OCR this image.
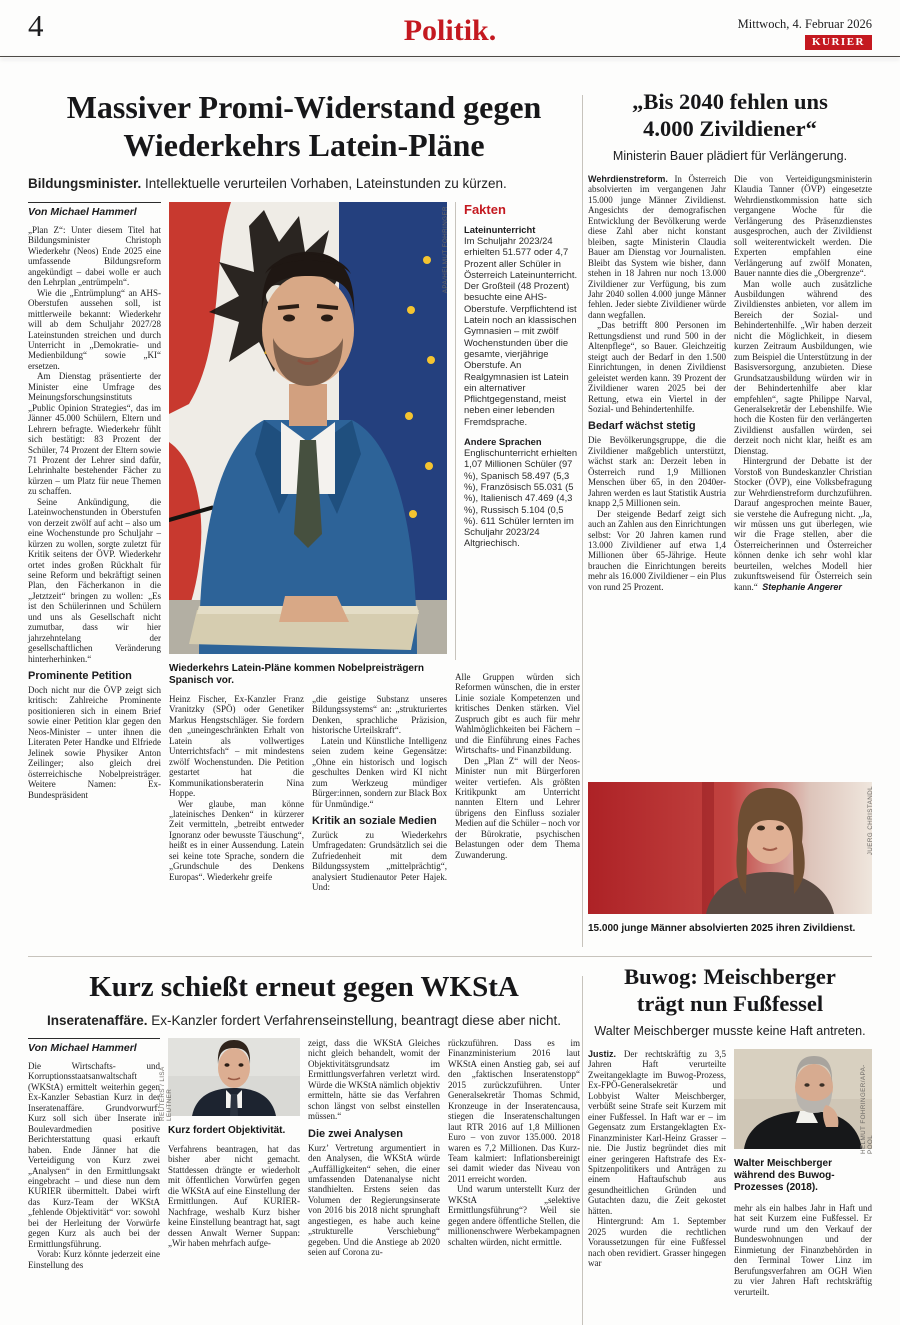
4	Politik.	Mittwoch, 4. Februar 2026
KURIER
Massiver Promi-Widerstand gegen Wiederkehrs Latein-Pläne
Bildungsminister. Intellektuelle verurteilen Vorhaben, Lateinstunden zu kürzen.
Von Michael Hammerl

„Plan Z“: Unter diesem Titel hat Bildungsminister Christoph Wiederkehr (Neos) Ende 2025 eine umfassende Bildungsreform angekündigt – dabei wolle er auch den Lehrplan „entrümpeln“.

Wie die „Entrümplung“ an AHS-Oberstufen aussehen soll, ist mittlerweile bekannt: Wiederkehr will ab dem Schuljahr 2027/28 Lateinstunden streichen und durch Unterricht in „Demokratie- und Medienbildung“ sowie „KI“ ersetzen.

Am Dienstag präsentierte der Minister eine Umfrage des Meinungsforschungsinstituts „Public Opinion Strategies“, das im Jänner 45.000 Schülern, Eltern und Lehrern befragte. Wiederkehr fühlt sich bestätigt: 83 Prozent der Schüler, 74 Prozent der Eltern sowie 71 Prozent der Lehrer sind dafür, Lehrinhalte bestehender Fächer zu kürzen – um Platz für neue Themen zu schaffen.

Seine Ankündigung, die Lateinwochenstunden in Oberstufen von derzeit zwölf auf acht – also um eine Wochenstunde pro Schuljahr – kürzen zu wollen, sorgte zuletzt für Kritik seitens der ÖVP. Wiederkehr ortet indes großen Rückhalt für seine Reform und bekräftigt seinen Plan, den Fächerkanon in die „Jetztzeit“ bringen zu wollen: „Es ist den Schülerinnen und Schülern und uns als Gesellschaft nicht zumutbar, dass wir hier jahrzehntelang der gesellschaftlichen Veränderung hinterherhinken.“

Prominente Petition

Doch nicht nur die ÖVP zeigt sich kritisch: Zahlreiche Prominente positionieren sich in einem Brief sowie einer Petition klar gegen den Neos-Minister – unter ihnen die Literaten Peter Handke und Elfriede Jelinek sowie Physiker Anton Zeilinger; also gleich drei österreichische Nobelpreisträger. Weitere Namen: Ex-Bundespräsident

APA/HELMUT FOHRINGER
Wiederkehrs Latein-Pläne kommen Nobelpreisträgern Spanisch vor.

Heinz Fischer, Ex-Kanzler Franz Vranitzky (SPÖ) oder Genetiker Markus Hengstschläger. Sie fordern den „uneingeschränkten Erhalt von Latein als vollwertiges Unterrichtsfach“ – mit mindestens zwölf Wochenstunden. Die Petition gestartet hat die Kommunikationsberaterin Nina Hoppe.

Wer glaube, man könne „lateinisches Denken“ in kürzerer Zeit vermitteln, „betreibt entweder Ignoranz oder bewusste Täuschung“, heißt es in einer Aussendung. Latein sei keine tote Sprache, sondern die „Grundschule des Denkens Europas“. Wiederkehr greife

„die geistige Substanz unseres Bildungssystems“ an: „strukturiertes Denken, sprachliche Präzision, historische Urteilskraft“.

Latein und Künstliche Intelligenz seien zudem keine Gegensätze: „Ohne ein historisch und logisch geschultes Denken wird KI nicht zum Werkzeug mündiger Bürger:innen, sondern zur Black Box für Unmündige.“

Kritik an soziale Medien

Zurück zu Wiederkehrs Umfragedaten: Grundsätzlich sei die Zufriedenheit mit dem Bildungssystem „mittelprächtig“, analysiert Studienautor Peter Hajek. Und:

Fakten
Lateinunterricht

Im Schuljahr 2023/24 erhielten 51.577 oder 4,7 Prozent aller Schüler in Österreich Lateinunterricht. Der Großteil (48 Prozent) besuchte eine AHS-Oberstufe. Verpflichtend ist Latein noch an klassischen Gymnasien – mit zwölf Wochenstunden über die gesamte, vierjährige Oberstufe. An Realgymnasien ist Latein ein alternativer Pflichtgegenstand, meist neben einer lebenden Fremdsprache.

Andere Sprachen

Englischunterricht erhielten 1,07 Millionen Schüler (97 %), Spanisch 58.497 (5,3 %), Französisch 55.031 (5 %), Italienisch 47.469 (4,3 %), Russisch 5.104 (0,5 %). 611 Schüler lernten im Schuljahr 2023/24 Altgriechisch.

Alle Gruppen würden sich Reformen wünschen, die in erster Linie soziale Kompetenzen und kritisches Denken stärken. Viel Zuspruch gibt es auch für mehr Wahlmöglichkeiten bei Fächern – und die Einführung eines Faches Wirtschafts- und Finanzbildung.

Den „Plan Z“ will der Neos-Minister nun mit Bürgerforen weiter vertiefen. Als größten Kritikpunkt am Unterricht nannten Eltern und Lehrer übrigens den Einfluss sozialer Medien auf die Schüler – noch vor der Bürokratie, psychischen Belastungen oder dem Thema Zuwanderung.

„Bis 2040 fehlen uns 4.000 Zivildiener“
Ministerin Bauer plädiert für Verlängerung.

Wehrdienstreform. In Österreich absolvierten im vergangenen Jahr 15.000 junge Männer Zivildienst. Angesichts der demografischen Entwicklung der Bevölkerung werde diese Zahl aber nicht konstant bleiben, sagte Ministerin Claudia Bauer am Dienstag vor Journalisten. Bleibt das System wie bisher, dann stehen in 18 Jahren nur noch 13.000 Zivildiener zur Verfügung, bis zum Jahr 2040 sollen 4.000 junge Männer fehlen. Jeder siebte Zivildiener würde dann wegfallen.

„Das betrifft 800 Personen im Rettungsdienst und rund 500 in der Altenpflege“, so Bauer. Gleichzeitig steigt auch der Bedarf in den 1.500 Einrichtungen, in denen Zivildienst geleistet werden kann. 39 Prozent der Zivildiener waren 2025 bei der Rettung, etwa ein Viertel in der Sozial- und Behindertenhilfe.

Bedarf wächst stetig

Die Bevölkerungsgruppe, die die Zivildiener maßgeblich unterstützt, wächst stark an: Derzeit leben in Österreich rund 1,9 Millionen Menschen über 65, in den 2040er-Jahren werden es laut Statistik Austria knapp 2,5 Millionen sein.

Der steigende Bedarf zeigt sich auch an Zahlen aus den Einrichtungen selbst: Vor 20 Jahren kamen rund 13.000 Zivildiener auf etwa 1,4 Millionen über 65-Jährige. Heute brauchen die Einrichtungen bereits mehr als 16.000 Zivildiener – ein Plus von rund 25 Prozent.

Die von Verteidigungsministerin Klaudia Tanner (ÖVP) eingesetzte Wehrdienstkommission hatte sich vergangene Woche für die Verlängerung des Präsenzdienstes ausgesprochen, auch der Zivildienst soll weiterentwickelt werden. Die Experten empfahlen eine Verlängerung auf zwölf Monaten, Bauer nannte dies die „Obergrenze“.

Man wolle auch zusätzliche Ausbildungen während des Zivildienstes anbieten, vor allem im Bereich der Sozial- und Behindertenhilfe. „Wir haben derzeit nicht die Möglichkeit, in diesem kurzen Zeitraum Ausbildungen, wie zum Beispiel die Unterstützung in der Basisversorgung, anzubieten. Diese Grundsatzausbildung würden wir in der Behindertenhilfe aber klar empfehlen“, sagte Philippe Narval, Generalsekretär der Lebenshilfe. Wie hoch die Kosten für den verlängerten Zivildienst ausfallen würden, sei derzeit noch nicht klar, heißt es am Dienstag.

Hintergrund der Debatte ist der Vorstoß von Bundeskanzler Christian Stocker (ÖVP), eine Volksbefragung zur Wehrdienstreform durchzuführen. Darauf angesprochen meinte Bauer, sie verstehe die Aufregung nicht. „Ja, wir müssen uns gut überlegen, wie wir die Frage stellen, aber die Österreicherinnen und Österreicher können denke ich sehr wohl klar beurteilen, welches Modell hier zukunftsweisend für Österreich sein kann.“ Stephanie Angerer

JUERG CHRISTANDL
15.000 junge Männer absolvierten 2025 ihren Zivildienst.
Kurz schießt erneut gegen WKStA
Inseratenaffäre. Ex-Kanzler fordert Verfahrenseinstellung, beantragt diese aber nicht.
Von Michael Hammerl

Die Wirtschafts- und Korruptionsstaatsanwaltschaft (WKStA) ermittelt weiterhin gegen Ex-Kanzler Sebastian Kurz in der Inseratenaffäre. Grundvorwurf: Kurz soll sich über Inserate in Boulevardmedien positive Berichterstattung quasi erkauft haben. Ende Jänner hat die Verteidigung von Kurz zwei „Analysen“ in den Ermittlungsakt eingebracht – und diese nun dem KURIER übermittelt. Dabei wirft das Kurz-Team der WKStA „fehlende Objektivität“ vor: sowohl bei der Herleitung der Vorwürfe gegen Kurz als auch bei der Ermittlungsführung.

Vorab: Kurz könnte jederzeit eine Einstellung des

REUTERS / LISA LEUTNER
Kurz fordert Objektivität.

Verfahrens beantragen, hat das bisher aber nicht gemacht. Stattdessen drängte er wiederholt mit öffentlichen Vorwürfen gegen die WKStA auf eine Einstellung der Ermittlungen. Auf KURIER-Nachfrage, weshalb Kurz bisher keine Einstellung beantragt hat, sagt dessen Anwalt Werner Suppan: „Wir haben mehrfach aufge-

zeigt, dass die WKStA Gleiches nicht gleich behandelt, womit der Objektivitätsgrundsatz im Ermittlungsverfahren verletzt wird. Würde die WKStA nämlich objektiv ermitteln, hätte sie das Verfahren schon längst von selbst einstellen müssen.“

Die zwei Analysen

Kurz’ Vertretung argumentiert in den Analysen, die WKStA würde „Auffälligkeiten“ sehen, die einer umfassenden Datenanalyse nicht standhielten. Erstens seien das Volumen der Regierungsinserate von 2016 bis 2018 nicht sprunghaft angestiegen, es habe auch keine „strukturelle Verschiebung“ gegeben. Und die Anstiege ab 2020 seien auf Corona zu-

rückzuführen. Dass es im Finanzministerium 2016 laut WKStA einen Anstieg gab, sei auf den „faktischen Inseratenstopp“ 2015 zurückzuführen. Unter Generalsekretär Thomas Schmid, Kronzeuge in der Inseratencausa, stiegen die Inseratenschaltungen laut RTR 2016 auf 1,8 Millionen Euro – von zuvor 135.000. 2018 waren es 7,2 Millionen. Das Kurz-Team kalmiert: Inflationsbereinigt sei damit wieder das Niveau von 2011 erreicht worden.

Und warum unterstellt Kurz der WKStA „selektive Ermittlungsführung“? Weil sie gegen andere öffentliche Stellen, die millionenschwere Werbekampagnen schalten würden, nicht ermittle.

Buwog: Meischberger trägt nun Fußfessel
Walter Meischberger musste keine Haft antreten.

Justiz. Der rechtskräftig zu 3,5 Jahren Haft verurteilte Zweitangeklagte im Buwog-Prozess, Ex-FPÖ-Generalsekretär und Lobbyist Walter Meischberger, verbüßt seine Strafe seit Kurzem mit einer Fußfessel. In Haft war er – im Gegensatz zum Erstangeklagten Ex-Finanzminister Karl-Heinz Grasser – nie. Die Justiz begründet dies mit einer geringeren Haftstrafe des Ex-Spitzenpolitikers und Anträgen zu einem Haftaufschub aus gesundheitlichen Gründen und Gutachten dazu, die Zeit gekostet hätten.

Hintergrund: Am 1. September 2025 wurden die rechtlichen Voraussetzungen für eine Fußfessel nach oben revidiert. Grasser hingegen war

HELMUT FOHRINGER/APA-POOL
Walter Meischberger während des Buwog-Prozesses (2018).

mehr als ein halbes Jahr in Haft und hat seit Kurzem eine Fußfessel. Er wurde rund um den Verkauf der Bundeswohnungen und der Einmietung der Finanzbehörden in den Terminal Tower Linz im Berufungsverfahren am OGH Wien zu vier Jahren Haft rechtskräftig verurteilt.
